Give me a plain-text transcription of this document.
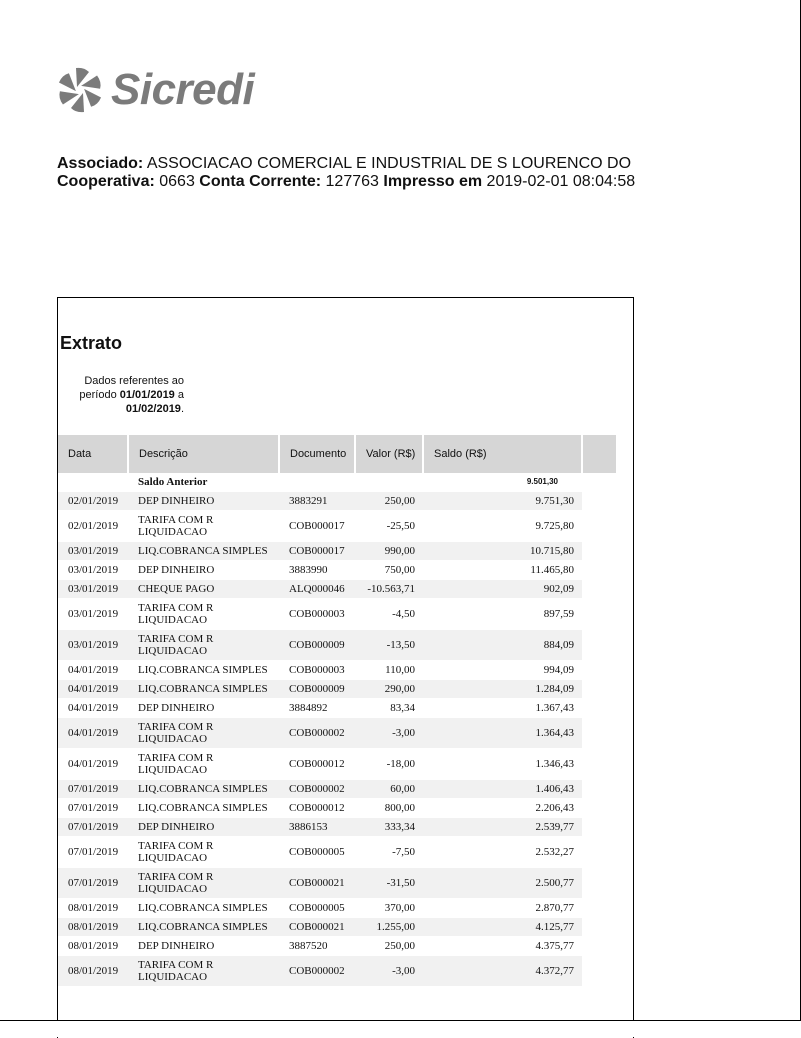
Sicredi
Associado: ASSOCIACAO COMERCIAL E INDUSTRIAL DE S LOURENCO DO
Cooperativa: 0663 Conta Corrente: 127763 Impresso em 2019-02-01 08:04:58
Extrato
Dados referentes ao
período 01/01/2019 a
01/02/2019.
Data	Descrição	Documento	Valor (R$)	Saldo (R$)	
	Saldo Anterior			9.501,30	
02/01/2019	DEP DINHEIRO	3883291	250,00	9.751,30	
02/01/2019	TARIFA COM R LIQUIDACAO	COB000017	-25,50	9.725,80	
03/01/2019	LIQ.COBRANCA SIMPLES	COB000017	990,00	10.715,80	
03/01/2019	DEP DINHEIRO	3883990	750,00	11.465,80	
03/01/2019	CHEQUE PAGO	ALQ000046	-10.563,71	902,09	
03/01/2019	TARIFA COM R LIQUIDACAO	COB000003	-4,50	897,59	
03/01/2019	TARIFA COM R LIQUIDACAO	COB000009	-13,50	884,09	
04/01/2019	LIQ.COBRANCA SIMPLES	COB000003	110,00	994,09	
04/01/2019	LIQ.COBRANCA SIMPLES	COB000009	290,00	1.284,09	
04/01/2019	DEP DINHEIRO	3884892	83,34	1.367,43	
04/01/2019	TARIFA COM R LIQUIDACAO	COB000002	-3,00	1.364,43	
04/01/2019	TARIFA COM R LIQUIDACAO	COB000012	-18,00	1.346,43	
07/01/2019	LIQ.COBRANCA SIMPLES	COB000002	60,00	1.406,43	
07/01/2019	LIQ.COBRANCA SIMPLES	COB000012	800,00	2.206,43	
07/01/2019	DEP DINHEIRO	3886153	333,34	2.539,77	
07/01/2019	TARIFA COM R LIQUIDACAO	COB000005	-7,50	2.532,27	
07/01/2019	TARIFA COM R LIQUIDACAO	COB000021	-31,50	2.500,77	
08/01/2019	LIQ.COBRANCA SIMPLES	COB000005	370,00	2.870,77	
08/01/2019	LIQ.COBRANCA SIMPLES	COB000021	1.255,00	4.125,77	
08/01/2019	DEP DINHEIRO	3887520	250,00	4.375,77	
08/01/2019	TARIFA COM R LIQUIDACAO	COB000002	-3,00	4.372,77	
